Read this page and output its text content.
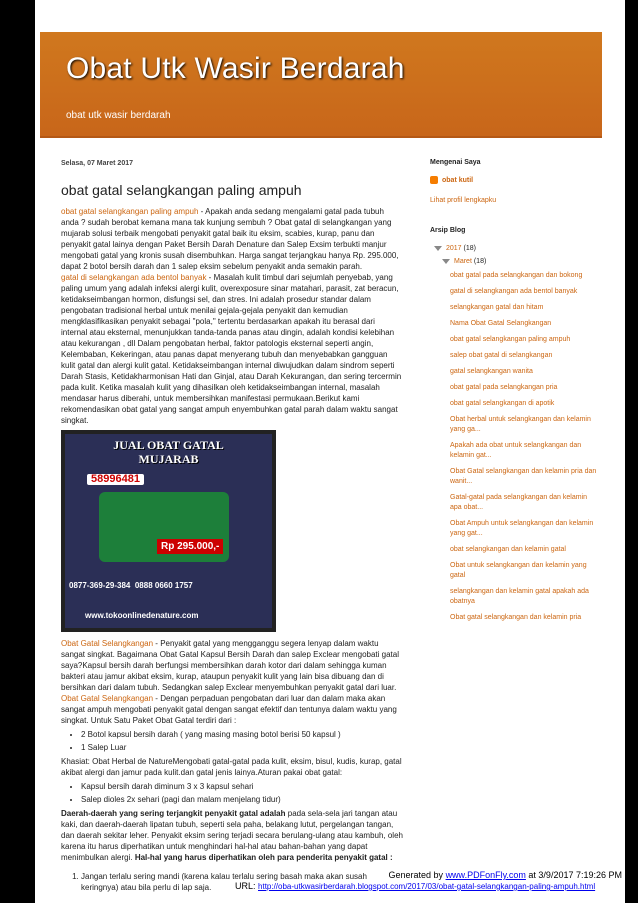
Obat Utk Wasir Berdarah
obat utk wasir berdarah
Selasa, 07 Maret 2017
obat gatal selangkangan paling ampuh

obat gatal selangkangan paling ampuh - Apakah anda sedang mengalami gatal pada tubuh anda ? sudah berobat kemana mana tak kunjung sembuh ? Obat gatal di selangkangan yang mujarab solusi terbaik mengobati penyakit gatal baik itu eksim, scabies, kurap, panu dan penyakit gatal lainya dengan Paket Bersih Darah Denature dan Salep Exsim terbukti manjur mengobati gatal yang kronis susah disembuhkan. Harga sangat terjangkau hanya Rp. 295.000, dapat 2 botol bersih darah dan 1 salep eksim sebelum penyakit anda semakin parah.

gatal di selangkangan ada bentol banyak - Masalah kulit timbul dari sejumlah penyebab, yang paling umum yang adalah infeksi alergi kulit, overexposure sinar matahari, parasit, zat beracun, ketidakseimbangan hormon, disfungsi sel, dan stres. Ini adalah prosedur standar dalam pengobatan tradisional herbal untuk menilai gejala-gejala penyakit dan kemudian mengklasifikasikan penyakit sebagai "pola," tertentu berdasarkan apakah itu berasal dari internal atau eksternal, menunjukkan tanda-tanda panas atau dingin, adalah kondisi kelebihan atau kekurangan , dll Dalam pengobatan herbal, faktor patologis eksternal seperti angin, Kelembaban, Kekeringan, atau panas dapat menyerang tubuh dan menyebabkan gangguan kulit gatal dan alergi kulit gatal. Ketidakseimbangan internal diwujudkan dalam sindrom seperti Darah Stasis, Ketidakharmonisan Hati dan Ginjal, atau Darah Kekurangan, dan sering tercermin pada kulit. Ketika masalah kulit yang dihasilkan oleh ketidakseimbangan internal, masalah mendasar harus diberahi, untuk membersihkan manifestasi permukaan.Berikut kami rekomendasikan obat gatal yang sangat ampuh enyembuhkan gatal parah dalam waktu sangat singkat.

JUAL OBAT GATAL
MUJARAB
58996481
Rp 295.000,-
0877-369-29-384 0888 0660 1757
www.tokoonlinedenature.com

Obat Gatal Selangkangan - Penyakit gatal yang mengganggu segera lenyap dalam waktu sangat singkat. Bagaimana Obat Gatal Kapsul Bersih Darah dan salep Exclear mengobati gatal saya?Kapsul bersih darah berfungsi membersihkan darah kotor dari dalam sehingga kuman bakteri atau jamur akibat eksim, kurap, ataupun penyakit kulit yang lain bisa dibuang dan di bersihkan dari dalam tubuh. Sedangkan salep Exclear menyembuhkan penyakit gatal dari luar.

Obat Gatal Selangkangan - Dengan perpaduan pengobatan dari luar dan dalam maka akan sangat ampuh mengobati penyakit gatal dengan sangat efektif dan tentunya dalam waktu yang singkat. Untuk Satu Paket Obat Gatal terdiri dari :

• 2 Botol kapsul bersih darah ( yang masing masing botol berisi 50 kapsul )
• 1 Salep Luar

Khasiat: Obat Herbal de NatureMengobati gatal-gatal pada kulit, eksim, bisul, kudis, kurap, gatal akibat alergi dan jamur pada kulit.dan gatal jenis lainya.Aturan pakai obat gatal:

• Kapsul bersih darah diminum 3 x 3 kapsul sehari
• Salep dioles 2x sehari (pagi dan malam menjelang tidur)

Daerah-daerah yang sering terjangkit penyakit gatal adalah pada sela-sela jari tangan atau kaki, dan daerah-daerah lipatan tubuh, seperti sela paha, belakang lutut, pergelangan tangan, dan daerah sekitar leher. Penyakit eksim sering terjadi secara berulang-ulang atau kambuh, oleh karena itu harus diperhatikan untuk menghindari hal-hal atau bahan-bahan yang dapat menimbulkan alergi. Hal-hal yang harus diperhatikan oleh para penderita penyakit gatal :

1. Jangan terlalu sering mandi (karena kalau terlalu sering basah maka akan susah keringnya) atau bila perlu di lap saja.
Mengenai Saya
obat kutil
Lihat profil lengkapku
Arsip Blog
2017 (18)
Maret (18)
obat gatal pada selangkangan dan bokong
gatal di selangkangan ada bentol banyak
selangkangan gatal dan hitam
Nama Obat Gatal Selangkangan
obat gatal selangkangan paling ampuh
salep obat gatal di selangkangan
gatal selangkangan wanita
obat gatal pada selangkangan pria
obat gatal selangkangan di apotik
Obat herbal untuk selangkangan dan kelamin yang ga...
Apakah ada obat untuk selangkangan dan kelamin gat...
Obat Gatal selangkangan dan kelamin pria dan wanit...
Gatal-gatal pada selangkangan dan kelamin apa obat...
Obat Ampuh untuk selangkangan dan kelamin yang gat...
obat selangkangan dan kelamin gatal
Obat untuk selangkangan dan kelamin yang gatal
selangkangan dan kelamin gatal apakah ada obatnya
Obat gatal selangkangan dan kelamin pria
Generated by www.PDFonFly.com at 3/9/2017 7:19:26 PM
URL: http://oba-utkwasirberdarah.blogspot.com/2017/03/obat-gatal-selangkangan-paling-ampuh.html
